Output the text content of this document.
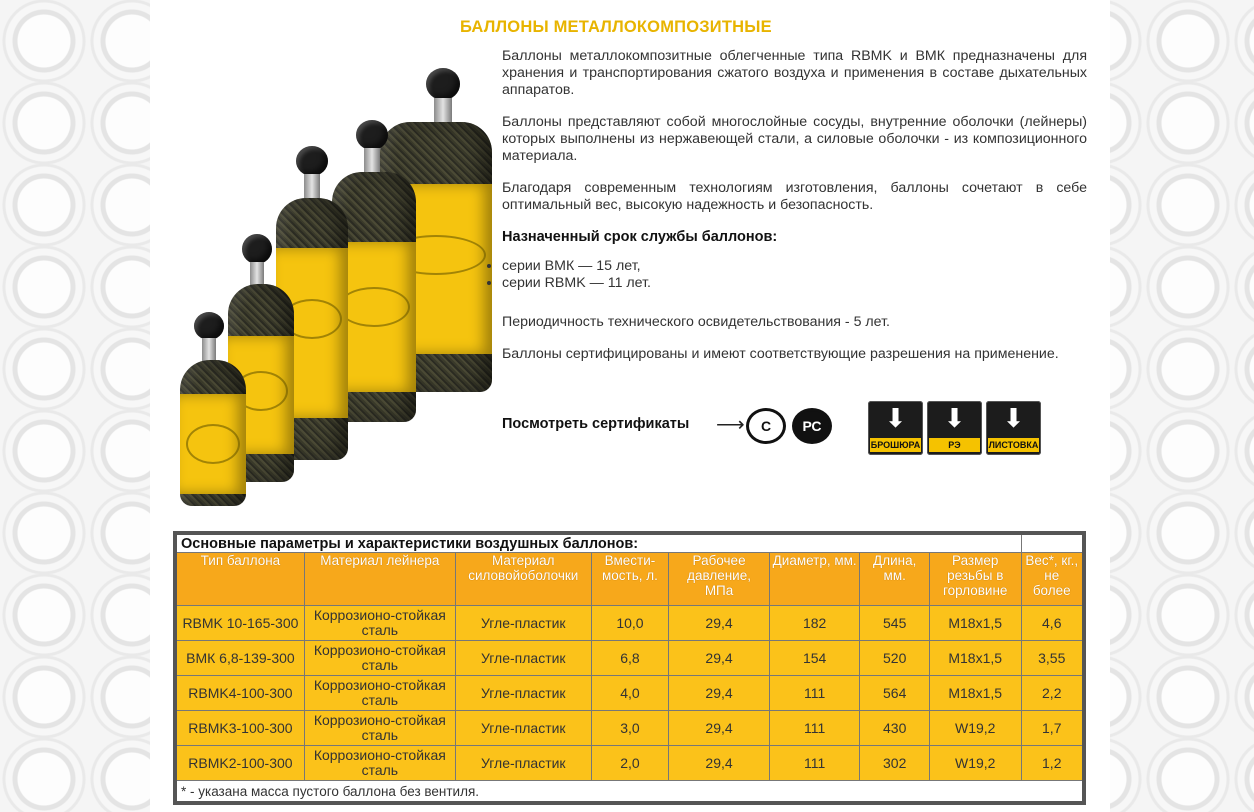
БАЛЛОНЫ МЕТАЛЛОКОМПОЗИТНЫЕ

Баллоны металлокомпозитные облегченные типа RBMK и ВМК предназначены для хранения и транспортирования сжатого воздуха и применения в составе дыхательных аппаратов.

Баллоны представляют собой многослойные сосуды, внутренние оболочки (лейнеры) которых выполнены из нержавеющей стали, а силовые оболочки - из композиционного материала.

Благодаря современным технологиям изготовления, баллоны сочетают в себе оптимальный вес, высокую надежность и безопасность.

Назначенный срок службы баллонов:

• серии ВМК — 15 лет,
• серии RBMK — 11 лет.

Периодичность технического освидетельствования - 5 лет.

Баллоны сертифицированы и имеют соответствующие разрешения на применение.

Посмотреть сертификаты ⟶	С	РС	⬇
БРОШЮРА
⬇
РЭ
⬇
ЛИСТОВКА
Основные параметры и характеристики воздушных баллонов:								
Тип баллона	Материал лейнера	Материал силовойоболочки	Вмести-мость, л.	Рабочее давление, МПа	Диаметр, мм.	Длина, мм.	Размер резьбы в горловине	Вес*, кг., не более
RBMK 10-165-300	Коррозионо-стойкая сталь	Угле-пластик	10,0	29,4	182	545	M18x1,5	4,6
ВМК 6,8-139-300	Коррозионо-стойкая сталь	Угле-пластик	6,8	29,4	154	520	M18x1,5	3,55
RBMK4-100-300	Коррозионо-стойкая сталь	Угле-пластик	4,0	29,4	111	564	M18x1,5	2,2
RBMK3-100-300	Коррозионо-стойкая сталь	Угле-пластик	3,0	29,4	111	430	W19,2	1,7
RBMK2-100-300	Коррозионо-стойкая сталь	Угле-пластик	2,0	29,4	111	302	W19,2	1,2
* - указана масса пустого баллона без вентиля.								
